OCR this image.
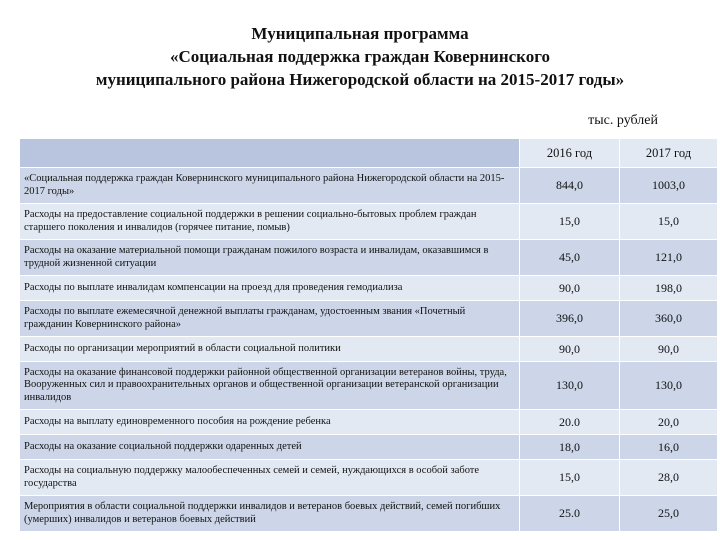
Муниципальная программа
«Социальная поддержка граждан Ковернинского
муниципального района Нижегородской области на 2015-2017 годы»
тыс. рублей
	2016 год	2017 год
«Социальная поддержка граждан Ковернинского муниципального района Нижегородской области на 2015-2017 годы»	844,0	1003,0
Расходы на предоставление социальной поддержки в решении социально-бытовых проблем граждан старшего поколения и инвалидов (горячее питание, помыв)	15,0	15,0
Расходы на оказание материальной помощи гражданам пожилого возраста и инвалидам, оказавшимся в трудной жизненной ситуации	45,0	121,0
Расходы по выплате инвалидам компенсации на проезд для проведения гемодиализа	90,0	198,0
Расходы по выплате ежемесячной денежной выплаты гражданам, удостоенным звания «Почетный гражданин Ковернинского района»	396,0	360,0
Расходы по организации мероприятий в области социальной политики	90,0	90,0
Расходы на оказание финансовой поддержки районной общественной организации ветеранов войны, труда, Вооруженных сил и правоохранительных органов и общественной организации ветеранской организации инвалидов	130,0	130,0
Расходы на выплату единовременного пособия на рождение ребенка	20.0	20,0
Расходы на оказание социальной поддержки одаренных детей	18,0	16,0
Расходы на социальную поддержку малообеспеченных семей и семей, нуждающихся в особой заботе государства	15,0	28,0
Мероприятия в области социальной поддержки инвалидов и ветеранов боевых действий, семей погибших (умерших) инвалидов и ветеранов боевых действий	25.0	25,0
